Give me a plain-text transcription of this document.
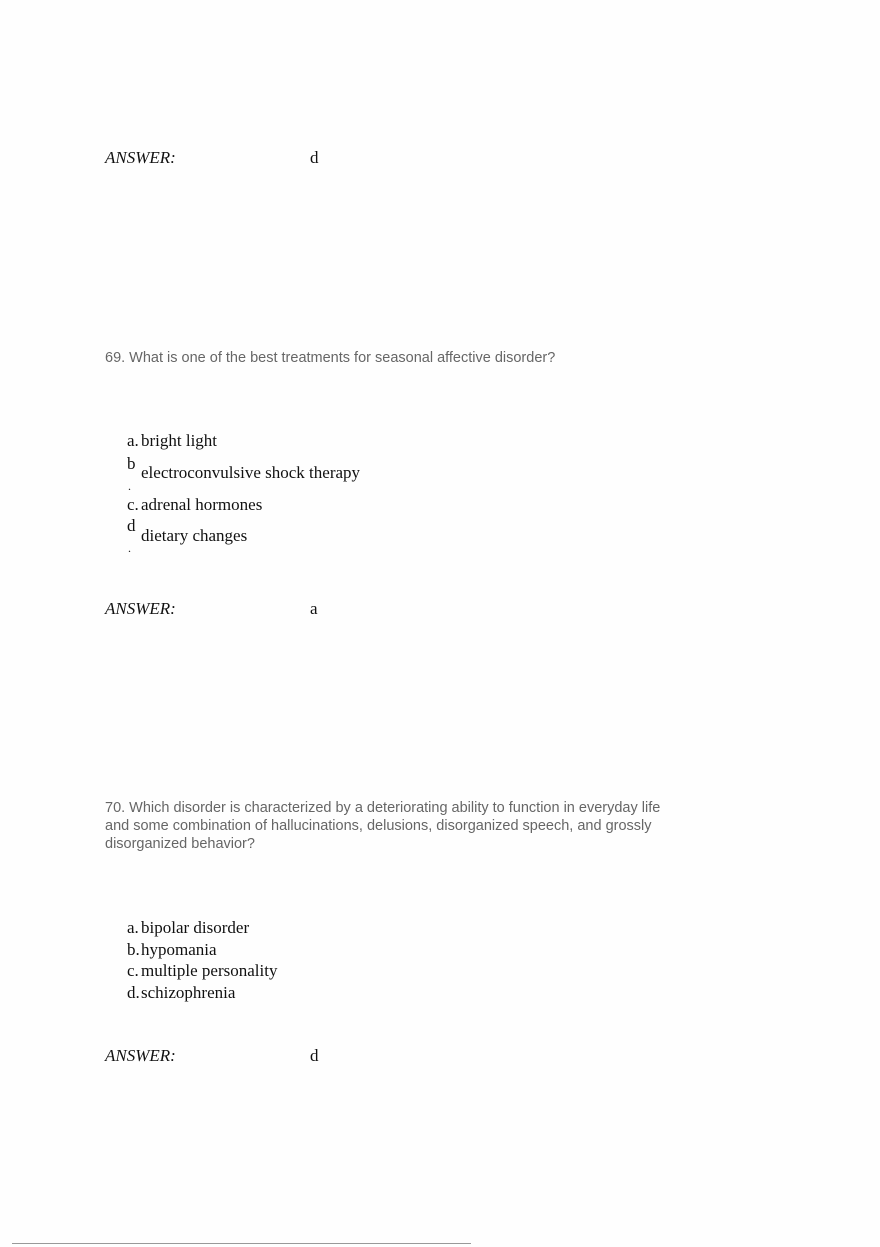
ANSWER:	d
69. What is one of the best treatments for seasonal affective disorder?
a. bright light
b
.
electroconvulsive shock therapy
c. adrenal hormones
d
.
dietary changes
ANSWER:	a
70. Which disorder is characterized by a deteriorating ability to function in everyday life
and some combination of hallucinations, delusions, disorganized speech, and grossly
disorganized behavior?
a. bipolar disorder
b. hypomania
c. multiple personality
d. schizophrenia
ANSWER:	d
